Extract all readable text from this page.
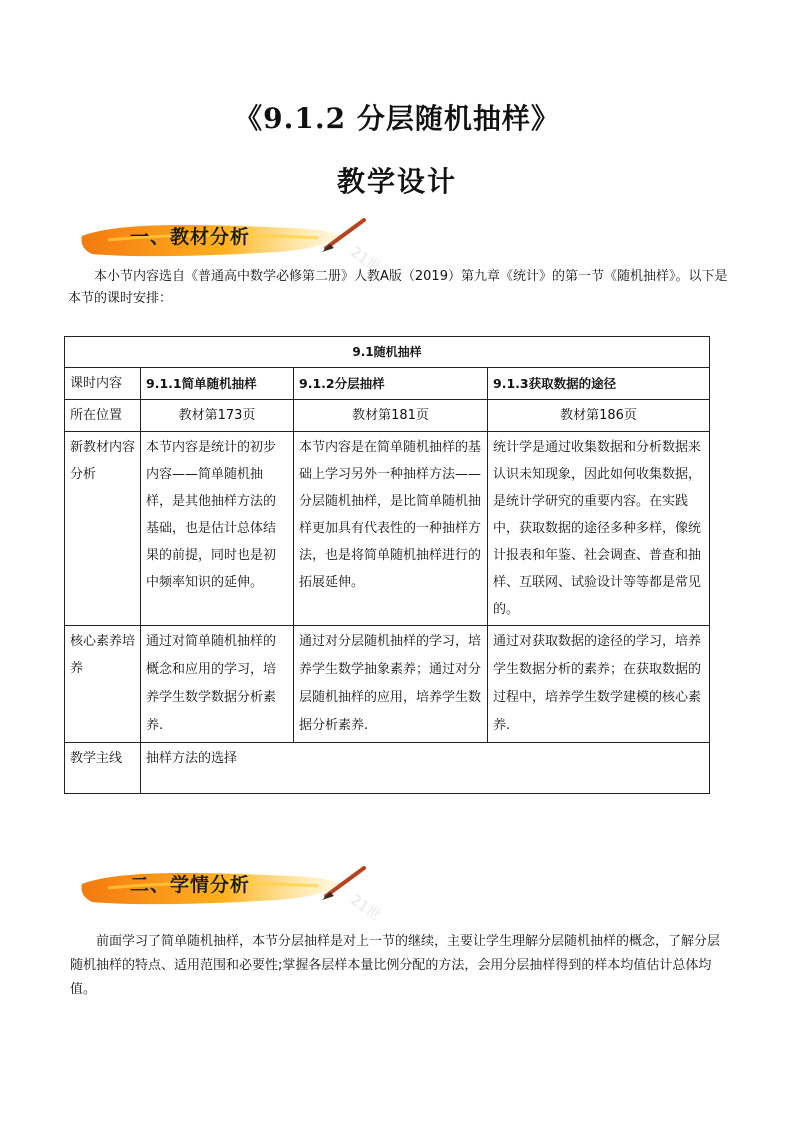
《9.1.2 分层随机抽样》
教学设计
21世
一、教材分析
本小节内容选自《普通高中数学必修第二册》人教A版（2019）第九章《统计》的第一节《随机抽样》。以下是本节的课时安排：
9.1随机抽样			
课时内容	9.1.1简单随机抽样	9.1.2分层抽样	9.1.3获取数据的途径
所在位置	教材第173页	教材第181页	教材第186页
新教材内容分析	本节内容是统计的初步内容——简单随机抽样，是其他抽样方法的基础，也是估计总体结果的前提，同时也是初中频率知识的延伸。	本节内容是在简单随机抽样的基础上学习另外一种抽样方法——分层随机抽样，是比简单随机抽样更加具有代表性的一种抽样方法，也是将简单随机抽样进行的拓展延伸。	统计学是通过收集数据和分析数据来认识未知现象，因此如何收集数据，是统计学研究的重要内容。在实践中，获取数据的途径多种多样，像统计报表和年鉴、社会调查、普查和抽样、互联网、试验设计等等都是常见的。
核心素养培养	通过对简单随机抽样的概念和应用的学习，培养学生数学数据分析素养.	通过对分层随机抽样的学习，培养学生数学抽象素养；通过对分层随机抽样的应用，培养学生数据分析素养.	通过对获取数据的途径的学习，培养学生数据分析的素养；在获取数据的过程中，培养学生数学建模的核心素养.
教学主线	抽样方法的选择		
21世
二、学情分析
前面学习了简单随机抽样，本节分层抽样是对上一节的继续，主要让学生理解分层随机抽样的概念，了解分层随机抽样的特点、适用范围和必要性;掌握各层样本量比例分配的方法，会用分层抽样得到的样本均值估计总体均值。
